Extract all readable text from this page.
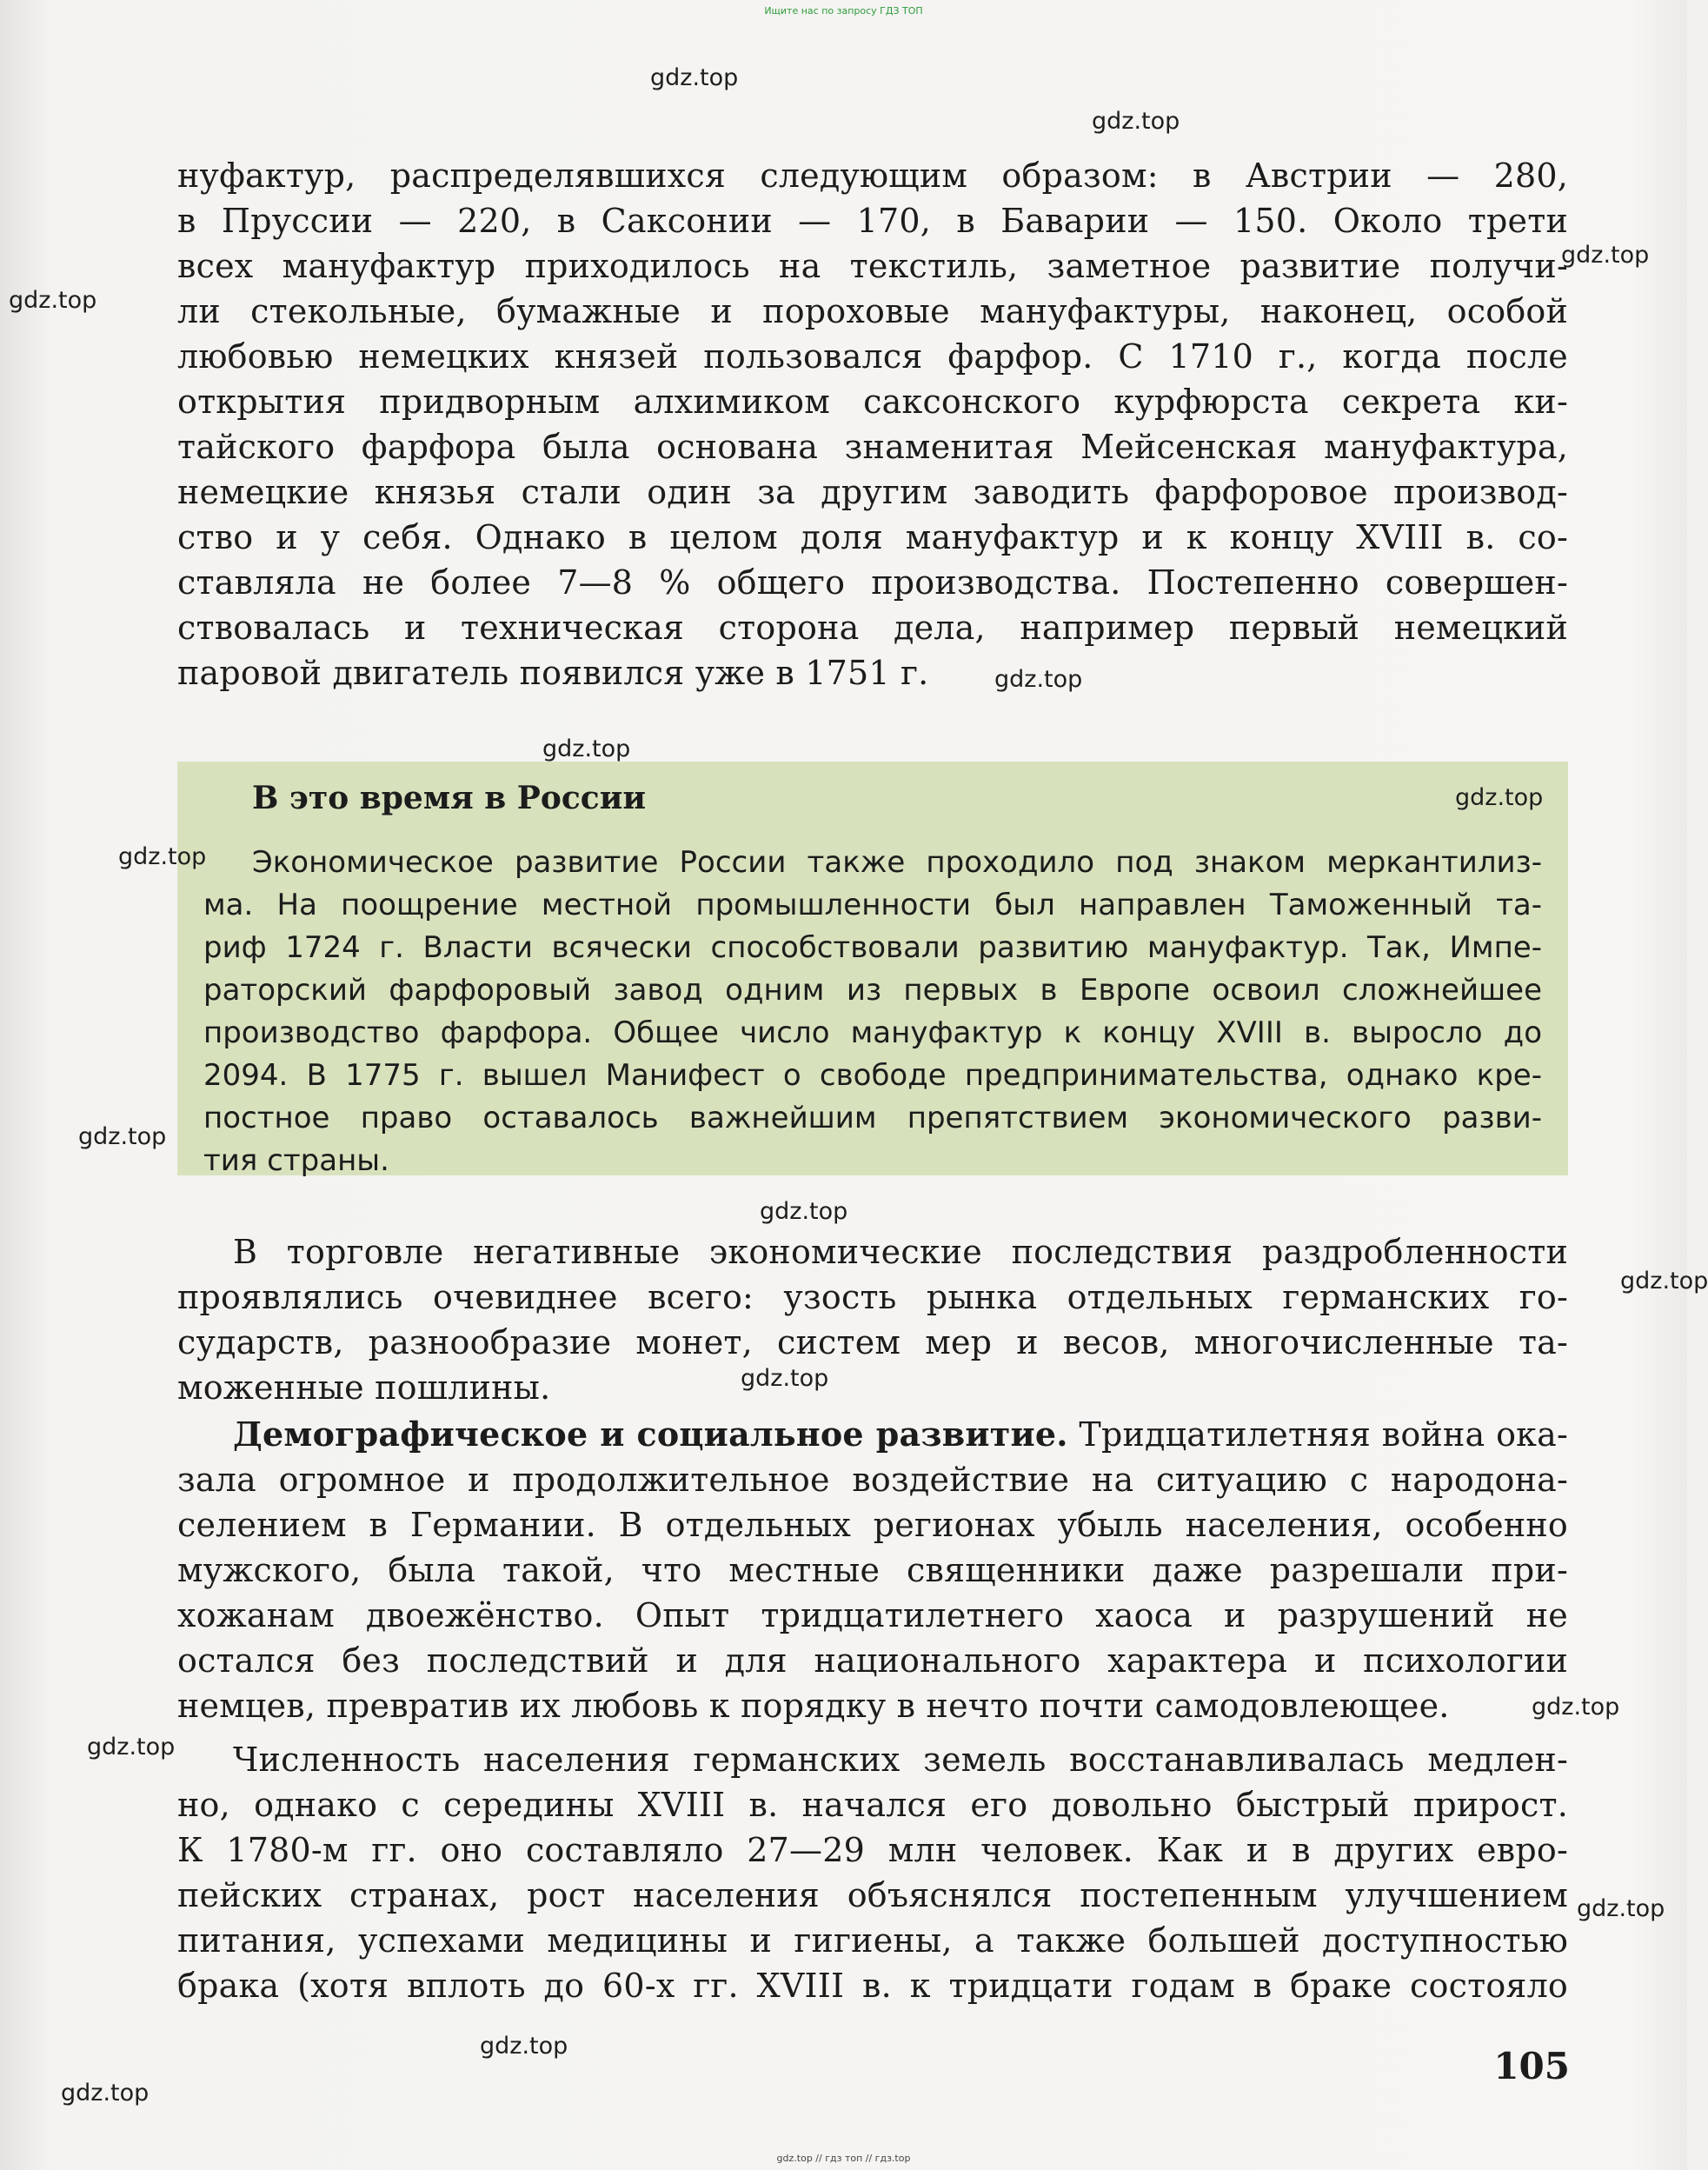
Ищите нас по запросу ГДЗ ТОП
нуфактур, распределявшихся следующим образом: в Австрии — 280,
в Пруссии — 220, в Саксонии — 170, в Баварии — 150. Около трети
всех мануфактур приходилось на текстиль, заметное развитие получи-
ли стекольные, бумажные и пороховые мануфактуры, наконец, особой
любовью немецких князей пользовался фарфор. С 1710 г., когда после
открытия придворным алхимиком саксонского курфюрста секрета ки-
тайского фарфора была основана знаменитая Мейсенская мануфактура,
немецкие князья стали один за другим заводить фарфоровое производ-
ство и у себя. Однако в целом доля мануфактур и к концу XVIII в. со-
ставляла не более 7—8 % общего производства. Постепенно совершен-
ствовалась и техническая сторона дела, например первый немецкий
паровой двигатель появился уже в 1751 г.
В это время в России
Экономическое развитие России также проходило под знаком меркантилиз-
ма. На поощрение местной промышленности был направлен Таможенный та-
риф 1724 г. Власти всячески способствовали развитию мануфактур. Так, Импе-
раторский фарфоровый завод одним из первых в Европе освоил сложнейшее
производство фарфора. Общее число мануфактур к концу XVIII в. выросло до
2094. В 1775 г. вышел Манифест о свободе предпринимательства, однако кре-
постное право оставалось важнейшим препятствием экономического разви-
тия страны.
В торговле негативные экономические последствия раздробленности
проявлялись очевиднее всего: узость рынка отдельных германских го-
сударств, разнообразие монет, систем мер и весов, многочисленные та-
моженные пошлины.
Демографическое и социальное развитие. Тридцатилетняя война ока-
зала огромное и продолжительное воздействие на ситуацию с народона-
селением в Германии. В отдельных регионах убыль населения, особенно
мужского, была такой, что местные священники даже разрешали при-
хожанам двоежёнство. Опыт тридцатилетнего хаоса и разрушений не
остался без последствий и для национального характера и психологии
немцев, превратив их любовь к порядку в нечто почти самодовлеющее.
Численность населения германских земель восстанавливалась медлен-
но, однако с середины XVIII в. начался его довольно быстрый прирост.
К 1780-м гг. оно составляло 27—29 млн человек. Как и в других евро-
пейских странах, рост населения объяснялся постепенным улучшением
питания, успехами медицины и гигиены, а также большей доступностью
брака (хотя вплоть до 60-х гг. XVIII в. к тридцати годам в браке состояло
105
gdz.top
gdz.top
gdz.top
gdz.top
gdz.top
gdz.top
gdz.top
gdz.top
gdz.top
gdz.top
gdz.top
gdz.top
gdz.top
gdz.top
gdz.top
gdz.top
gdz.top
gdz.top // гдз топ // гдз.top
